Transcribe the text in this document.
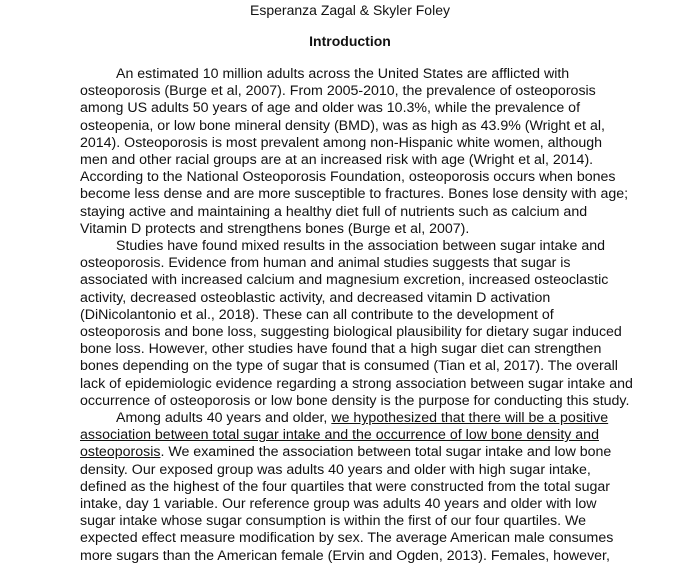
Esperanza Zagal & Skyler Foley
Introduction
An estimated 10 million adults across the United States are afflicted with
osteoporosis (Burge et al, 2007). From 2005-2010, the prevalence of osteoporosis
among US adults 50 years of age and older was 10.3%, while the prevalence of
osteopenia, or low bone mineral density (BMD), was as high as 43.9% (Wright et al,
2014). Osteoporosis is most prevalent among non-Hispanic white women, although
men and other racial groups are at an increased risk with age (Wright et al, 2014).
According to the National Osteoporosis Foundation, osteoporosis occurs when bones
become less dense and are more susceptible to fractures. Bones lose density with age;
staying active and maintaining a healthy diet full of nutrients such as calcium and
Vitamin D protects and strengthens bones (Burge et al, 2007).
Studies have found mixed results in the association between sugar intake and
osteoporosis. Evidence from human and animal studies suggests that sugar is
associated with increased calcium and magnesium excretion, increased osteoclastic
activity, decreased osteoblastic activity, and decreased vitamin D activation
(DiNicolantonio et al., 2018). These can all contribute to the development of
osteoporosis and bone loss, suggesting biological plausibility for dietary sugar induced
bone loss. However, other studies have found that a high sugar diet can strengthen
bones depending on the type of sugar that is consumed (Tian et al, 2017). The overall
lack of epidemiologic evidence regarding a strong association between sugar intake and
occurrence of osteoporosis or low bone density is the purpose for conducting this study.
Among adults 40 years and older, we hypothesized that there will be a positive
association between total sugar intake and the occurrence of low bone density and
osteoporosis. We examined the association between total sugar intake and low bone
density. Our exposed group was adults 40 years and older with high sugar intake,
defined as the highest of the four quartiles that were constructed from the total sugar
intake, day 1 variable. Our reference group was adults 40 years and older with low
sugar intake whose sugar consumption is within the first of our four quartiles. We
expected effect measure modification by sex. The average American male consumes
more sugars than the American female (Ervin and Ogden, 2013). Females, however,
